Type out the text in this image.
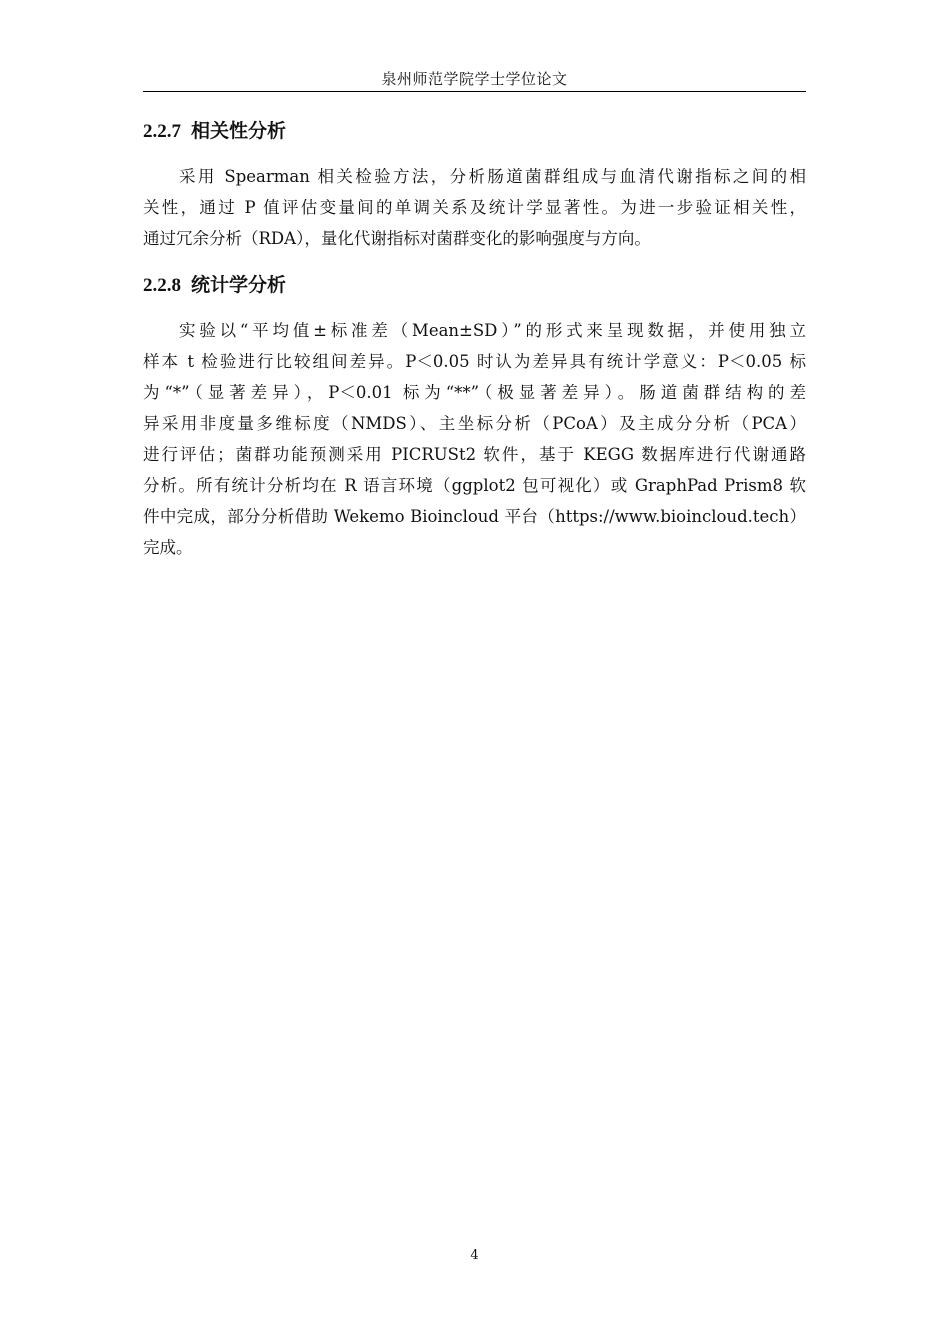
泉州师范学院学士学位论文
2.2.7 相关性分析
采用 Spearman 相关检验方法，分析肠道菌群组成与血清代谢指标之间的相
关性，通过 P 值评估变量间的单调关系及统计学显著性。为进一步验证相关性，
通过冗余分析（RDA），量化代谢指标对菌群变化的影响强度与方向。
2.2.8 统计学分析
实验以“平均值±标准差（Mean±SD）”的形式来呈现数据，并使用独立
样本 t 检验进行比较组间差异。P＜0.05 时认为差异具有统计学意义：P＜0.05 标
为“*”（显著差异），P＜0.01 标为“**”（极显著差异）。肠道菌群结构的差
异采用非度量多维标度（NMDS）、主坐标分析（PCoA）及主成分分析（PCA）
进行评估；菌群功能预测采用 PICRUSt2 软件，基于 KEGG 数据库进行代谢通路
分析。所有统计分析均在 R 语言环境（ggplot2 包可视化）或 GraphPad Prism8 软
件中完成，部分分析借助 Wekemo Bioincloud 平台（https://www.bioincloud.tech）
完成。
4
